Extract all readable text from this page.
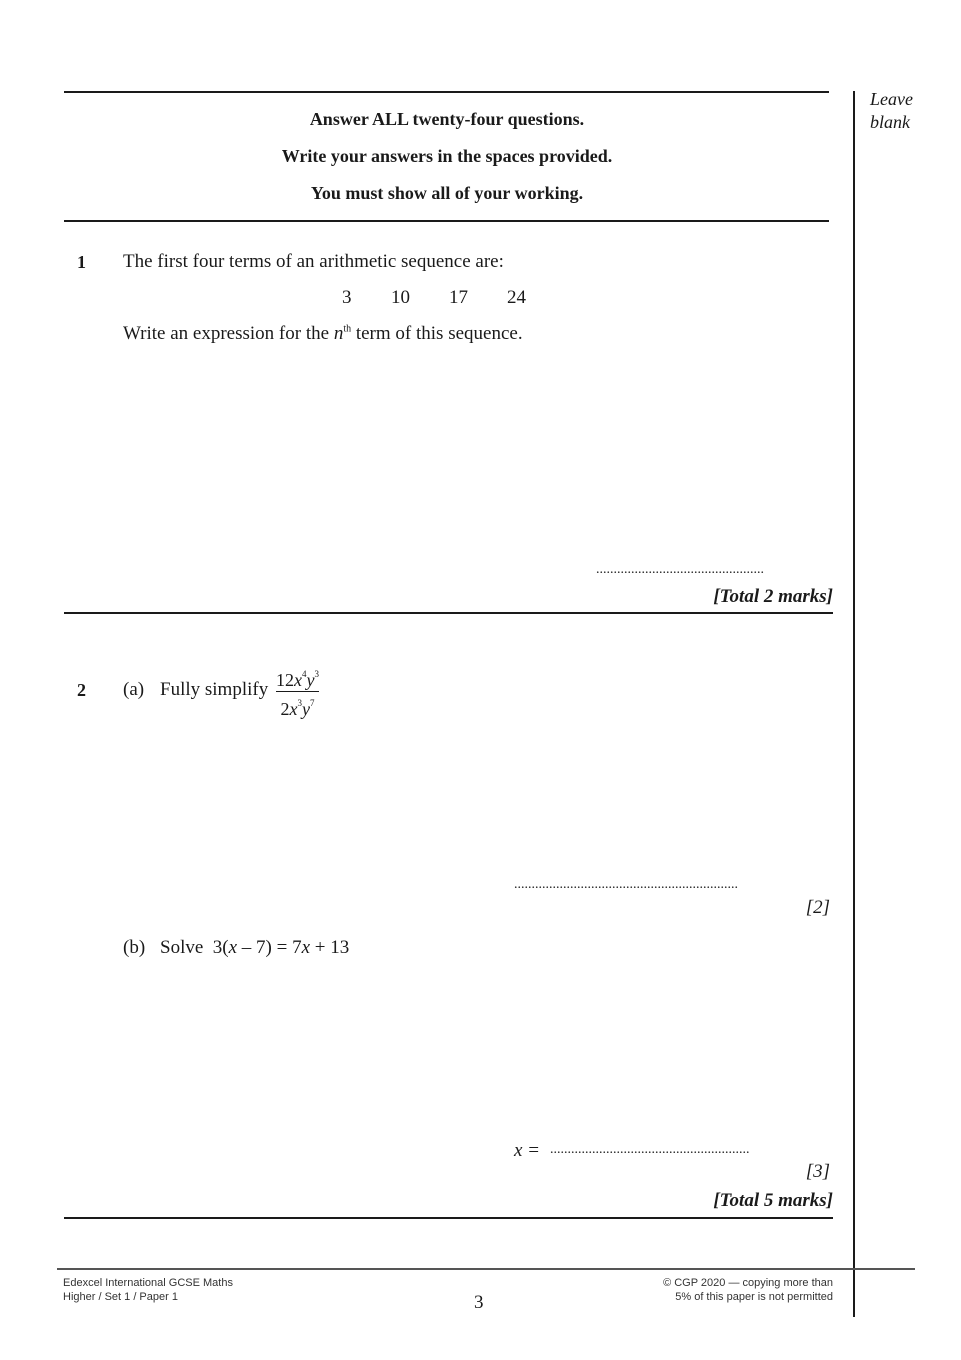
Answer ALL twenty-four questions.
Write your answers in the spaces provided.
You must show all of your working.
Leave
blank
1 The first four terms of an arithmetic sequence are:
3 10 17 24
Write an expression for the $n^{th}$ term of this sequence.
................................................
[Total 2 marks]
2 (a) Fully simplify $12x^4y^3$
$2x^3y^7$
................................................................
[2]
(b) Solve  3(x – 7) = 7x + 13
x = .........................................................
[3]
[Total 5 marks]
Edexcel International GCSE Maths
Higher / Set 1 / Paper 1	3
© CGP 2020 — copying more than
5% of this paper is not permitted
